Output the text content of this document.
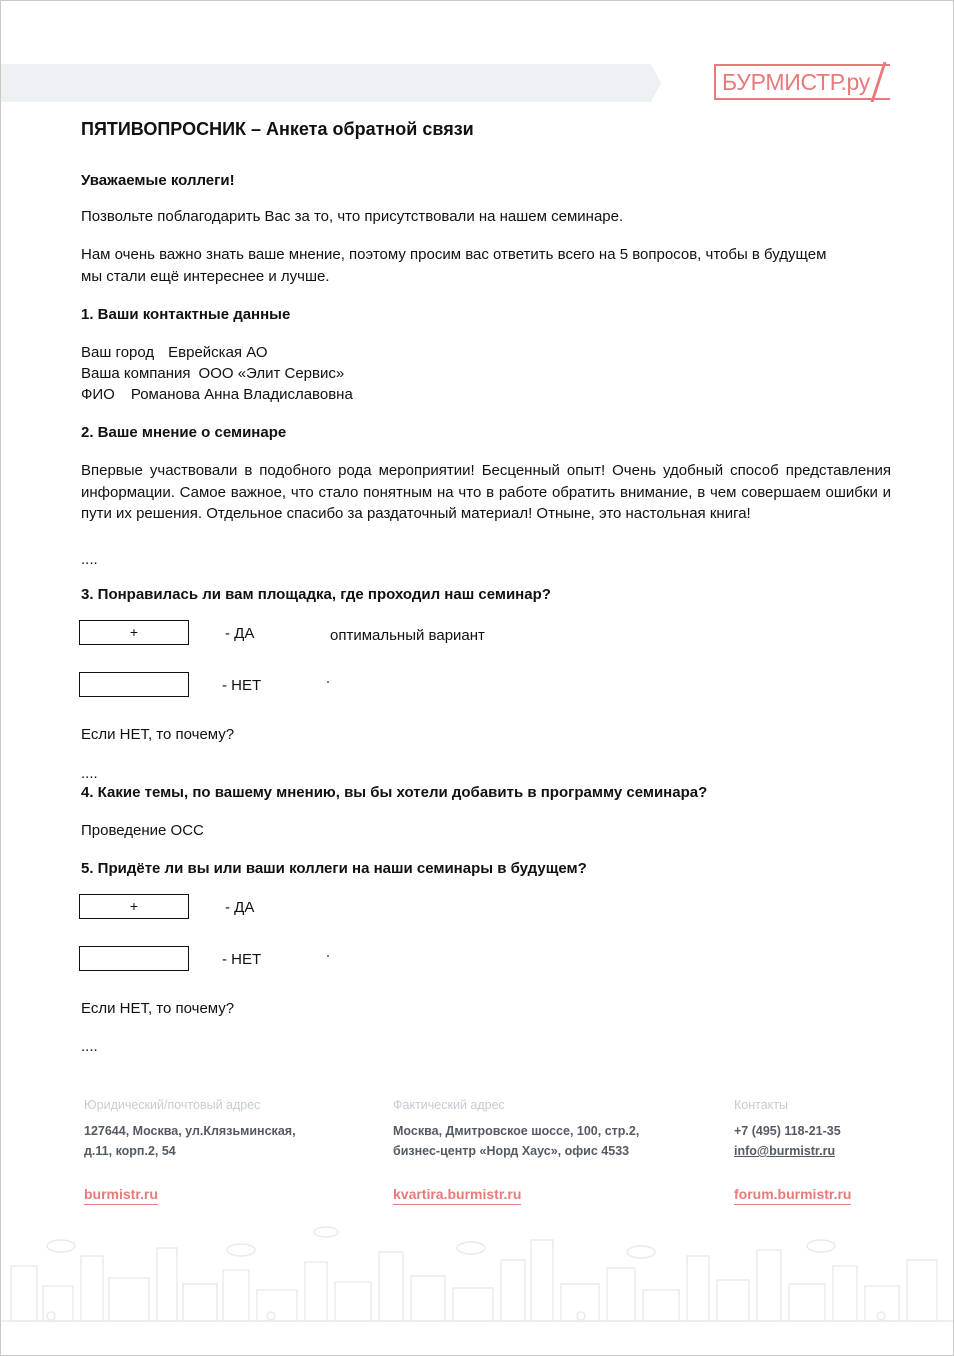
БУРМИСТР.ру
ПЯТИВОПРОСНИК – Анкета обратной связи
Уважаемые коллеги!
Позвольте поблагодарить Вас за то, что присутствовали на нашем семинаре.
Нам очень важно знать ваше мнение, поэтому просим вас ответить всего на 5 вопросов, чтобы в будущем
мы стали ещё интереснее и лучше.
1. Ваши контактные данные
Ваш город Еврейская АО
Ваша компания ООО «Элит Сервис»
ФИО Романова Анна Владиславовна
2. Ваше мнение о семинаре
Впервые участвовали в подобного рода мероприятии! Бесценный опыт! Очень удобный способ представления информации. Самое важное, что стало понятным на что в работе обратить внимание, в чем совершаем ошибки и пути их решения. Отдельное спасибо за раздаточный материал! Отныне, это настольная книга!
....
3. Понравилась ли вам площадка, где проходил наш семинар?
+	- ДА	оптимальный вариант
- НЕТ
Если НЕТ, то почему?
....
4. Какие темы, по вашему мнению, вы бы хотели добавить в программу семинара?
Проведение ОСС
5. Придёте ли вы или ваши коллеги на наши семинары в будущем?
+	- ДА
- НЕТ
Если НЕТ, то почему?
....
Юридический/почтовый адрес
127644, Москва, ул.Клязьминская,
д.11, корп.2, 54
Фактический адрес
Москва, Дмитровское шоссе, 100, стр.2,
бизнес-центр «Норд Хаус», офис 4533
Контакты
+7 (495) 118-21-35
info@burmistr.ru
burmistr.ru	kvartira.burmistr.ru	forum.burmistr.ru
